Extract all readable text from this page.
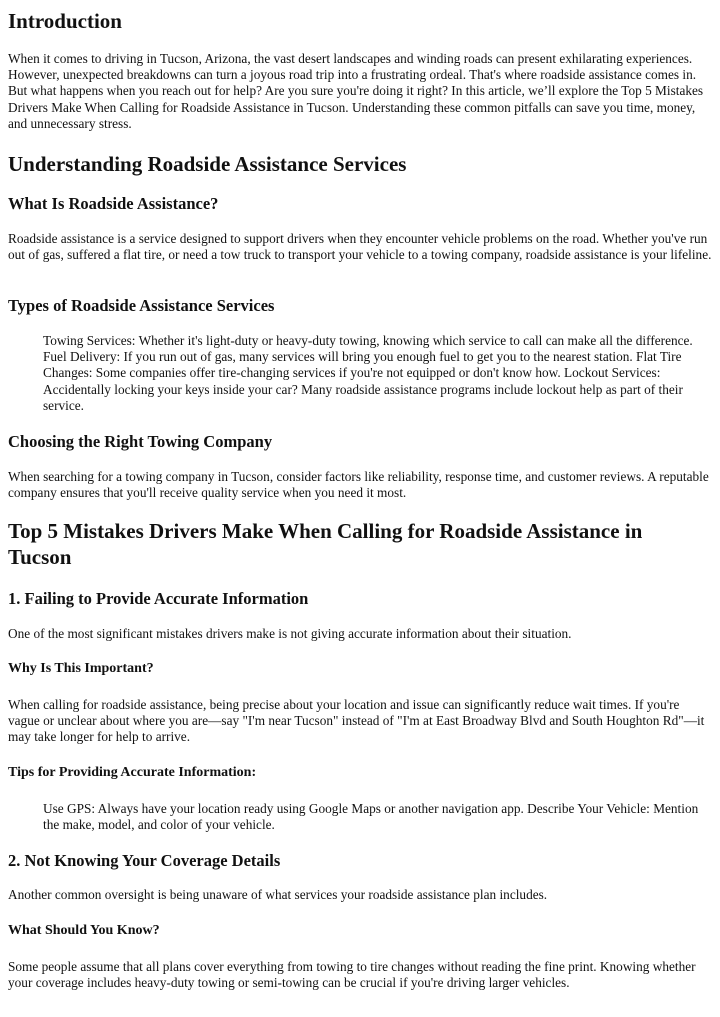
Introduction

When it comes to driving in Tucson, Arizona, the vast desert landscapes and winding roads can present exhilarating experiences. However, unexpected breakdowns can turn a joyous road trip into a frustrating ordeal. That's where roadside assistance comes in. But what happens when you reach out for help? Are you sure you're doing it right? In this article, we’ll explore the Top 5 Mistakes Drivers Make When Calling for Roadside Assistance in Tucson. Understanding these common pitfalls can save you time, money, and unnecessary stress.

Understanding Roadside Assistance Services
What Is Roadside Assistance?

Roadside assistance is a service designed to support drivers when they encounter vehicle problems on the road. Whether you've run out of gas, suffered a flat tire, or need a tow truck to transport your vehicle to a towing company, roadside assistance is your lifeline.

Types of Roadside Assistance Services

Towing Services: Whether it's light-duty or heavy-duty towing, knowing which service to call can make all the difference. Fuel Delivery: If you run out of gas, many services will bring you enough fuel to get you to the nearest station. Flat Tire Changes: Some companies offer tire-changing services if you're not equipped or don't know how. Lockout Services: Accidentally locking your keys inside your car? Many roadside assistance programs include lockout help as part of their service.

Choosing the Right Towing Company

When searching for a towing company in Tucson, consider factors like reliability, response time, and customer reviews. A reputable company ensures that you'll receive quality service when you need it most.

Top 5 Mistakes Drivers Make When Calling for Roadside Assistance in Tucson
1. Failing to Provide Accurate Information

One of the most significant mistakes drivers make is not giving accurate information about their situation.

Why Is This Important?

When calling for roadside assistance, being precise about your location and issue can significantly reduce wait times. If you're vague or unclear about where you are—say "I'm near Tucson" instead of "I'm at East Broadway Blvd and South Houghton Rd"—it may take longer for help to arrive.

Tips for Providing Accurate Information:

Use GPS: Always have your location ready using Google Maps or another navigation app. Describe Your Vehicle: Mention the make, model, and color of your vehicle.

2. Not Knowing Your Coverage Details

Another common oversight is being unaware of what services your roadside assistance plan includes.

What Should You Know?

Some people assume that all plans cover everything from towing to tire changes without reading the fine print. Knowing whether your coverage includes heavy-duty towing or semi-towing can be crucial if you're driving larger vehicles.
